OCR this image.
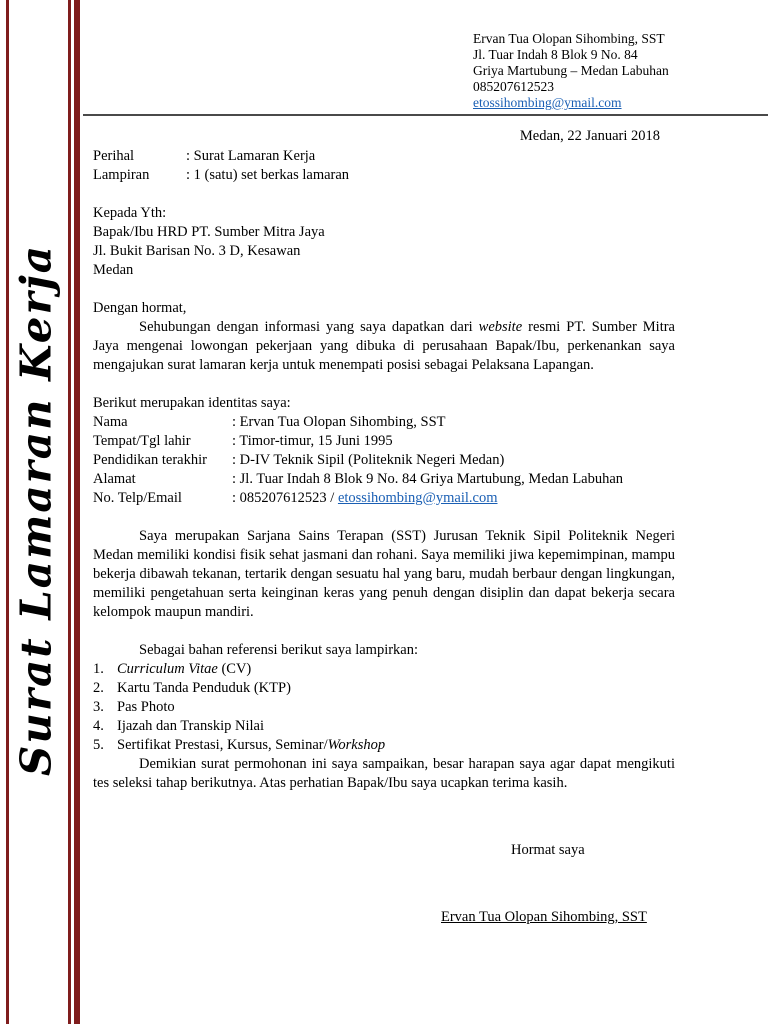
Surat Lamaran Kerja
Ervan Tua Olopan Sihombing, SST
Jl. Tuar Indah 8 Blok 9 No. 84
Griya Martubung – Medan Labuhan
085207612523
etossihombing@ymail.com
Medan, 22 Januari 2018
Perihal	: Surat Lamaran Kerja
Lampiran	: 1 (satu) set berkas lamaran
Kepada Yth:
Bapak/Ibu HRD PT. Sumber Mitra Jaya
Jl. Bukit Barisan No. 3 D, Kesawan
Medan
Dengan hormat,

Sehubungan dengan informasi yang saya dapatkan dari website resmi PT. Sumber Mitra Jaya mengenai lowongan pekerjaan yang dibuka di perusahaan Bapak/Ibu, perkenankan saya mengajukan surat lamaran kerja untuk menempati posisi sebagai Pelaksana Lapangan.

Berikut merupakan identitas saya:
Nama	: Ervan Tua Olopan Sihombing, SST
Tempat/Tgl lahir	: Timor-timur, 15 Juni 1995
Pendidikan terakhir	: D-IV Teknik Sipil (Politeknik Negeri Medan)
Alamat	: Jl. Tuar Indah 8 Blok 9 No. 84 Griya Martubung, Medan Labuhan
No. Telp/Email	: 085207612523 / etossihombing@ymail.com

Saya merupakan Sarjana Sains Terapan (SST) Jurusan Teknik Sipil Politeknik Negeri Medan memiliki kondisi fisik sehat jasmani dan rohani. Saya memiliki jiwa kepemimpinan, mampu bekerja dibawah tekanan, tertarik dengan sesuatu hal yang baru, mudah berbaur dengan lingkungan, memiliki pengetahuan serta keinginan keras yang penuh dengan disiplin dan dapat bekerja secara kelompok maupun mandiri.

Sebagai bahan referensi berikut saya lampirkan:
1. Curriculum Vitae (CV)
2. Kartu Tanda Penduduk (KTP)
3. Pas Photo
4. Ijazah dan Transkip Nilai
5. Sertifikat Prestasi, Kursus, Seminar/Workshop

Demikian surat permohonan ini saya sampaikan, besar harapan saya agar dapat mengikuti tes seleksi tahap berikutnya. Atas perhatian Bapak/Ibu saya ucapkan terima kasih.

Hormat saya
Ervan Tua Olopan Sihombing, SST
